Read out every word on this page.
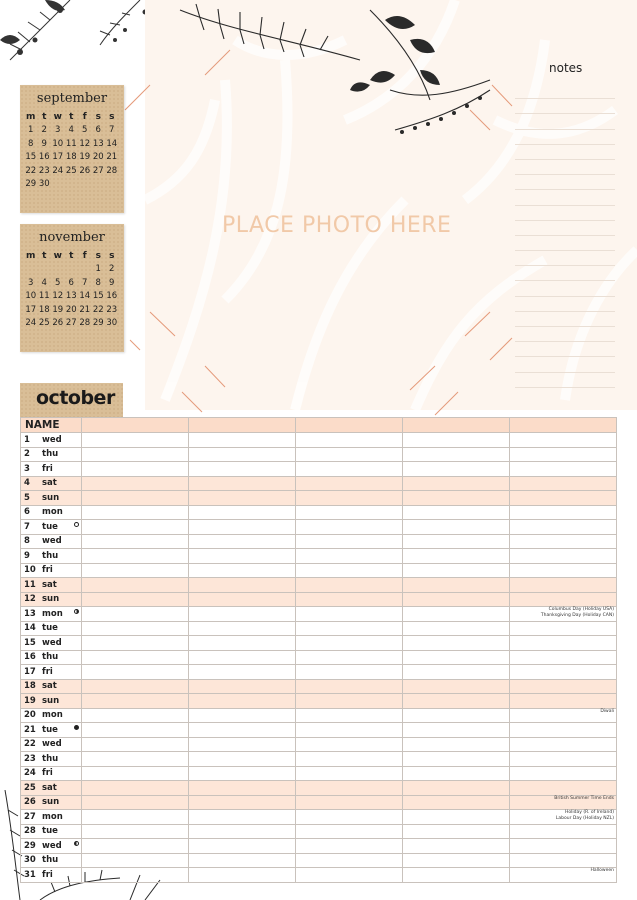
PLACE PHOTO HERE
september
m	t	w	t	f	s	s
1	2	3	4	5	6	7
8	9	10	11	12	13	14
15	16	17	18	19	20	21
22	23	24	25	26	27	28
29	30					
november
m	t	w	t	f	s	s
					1	2
3	4	5	6	7	8	9
10	11	12	13	14	15	16
17	18	19	20	21	22	23
24	25	26	27	28	29	30
notes
october
NAME					
1 wed					
2 thu					
3 fri					
4 sat					
5 sun					
6 mon					
7 tue

8 wed					
9 thu					
10 fri					
11 sat					
12 sun					
13 mon					Columbus Day (Holiday USA)
Thanksgiving Day (Holiday CAN)

14 tue					
15 wed					
16 thu					
17 fri					
18 sat					
19 sun					
20 mon					Diwali

21 tue

22 wed					
23 thu					
24 fri					
25 sat					
26 sun					British Summer Time Ends

27 mon					Holiday (R. of Ireland)
Labour Day (Holiday NZL)

28 tue					
29 wed

30 thu					
31 fri					Halloween
